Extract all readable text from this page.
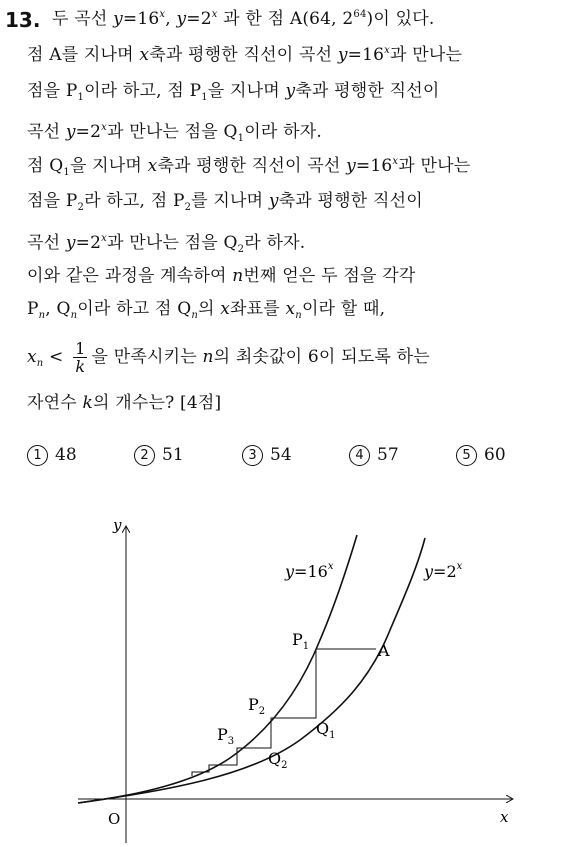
13. 두 곡선 $y=16^x$, $y=2^x$ 과 한 점 A(64, $2^{64}$)이 있다.
점 A를 지나며 x축과 평행한 직선이 곡선 $y=16^x$과 만나는
점을 $P_1$이라 하고, 점 $P_1$을 지나며 y축과 평행한 직선이
곡선 $y=2^x$과 만나는 점을 $Q_1$이라 하자.
점 $Q_1$을 지나며 x축과 평행한 직선이 곡선 $y=16^x$과 만나는
점을 $P_2$라 하고, 점 $P_2$를 지나며 y축과 평행한 직선이
곡선 $y=2^x$과 만나는 점을 $Q_2$라 하자.
이와 같은 과정을 계속하여 n번째 얻은 두 점을 각각
$P_n$, $Q_n$이라 하고 점 $Q_n$의 x좌표를 $x_n$이라 할 때,
$x_n < \frac{1}{k}$ 을 만족시키는 n의 최솟값이 6이 되도록 하는
자연수 k의 개수는? [4점]
1 48	2 51	3 54	4 57	5 60
y
x
O
$y=16^x$	$y=2^x$
A
$P_1$
$Q_1$
$P_2$
$Q_2$
$P_3$
